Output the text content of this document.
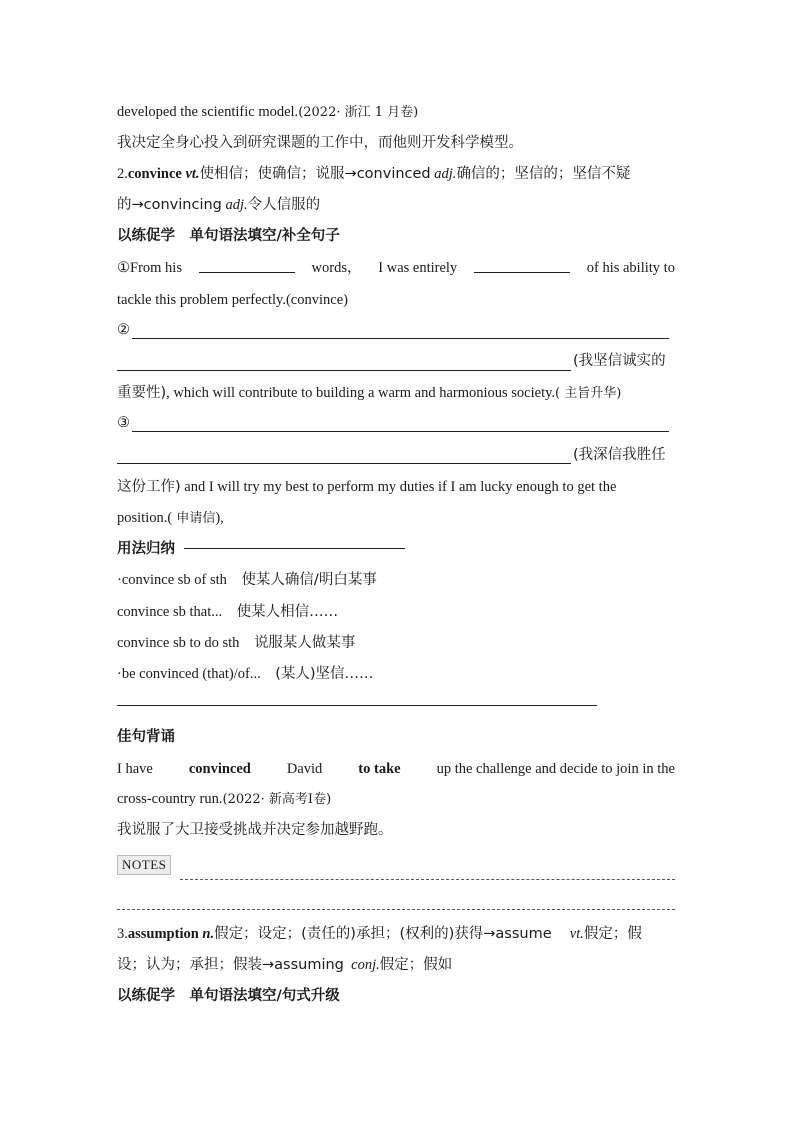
developed the scientific model.(2022· 浙江 1 月卷)
我决定全身心投入到研究课题的工作中，而他则开发科学模型。
2.convince vt.使相信；使确信；说服→convinced adj.确信的；坚信的；坚信不疑
的→convincing adj.令人信服的
以练促学　单句语法填空/补全句子
①From his	words， I was entirely	of his ability to
tackle this problem perfectly.(convince)
②
(我坚信诚实的
重要性), which will contribute to building a warm and harmonious society.( 主旨升华)
③
(我深信我胜任
这份工作) and I will try my best to perform my duties if I am lucky enough to get the
position.( 申请信),
用法归纳
·convince sb of sth 使某人确信/明白某事
convince sb that... 使某人相信……
convince sb to do sth 说服某人做某事
·be convinced (that)/of... (某人)坚信……
佳句背诵
I have convinced David to take up the challenge and decide to join in the
cross-country run.(2022· 新高考Ⅰ卷)
我说服了大卫接受挑战并决定参加越野跑。
NOTES
3.assumption n.假定；设定；(责任的)承担；(权利的)获得→assume vt.假定；假
设；认为；承担；假装→assuming conj.假定；假如
以练促学　单句语法填空/句式升级
